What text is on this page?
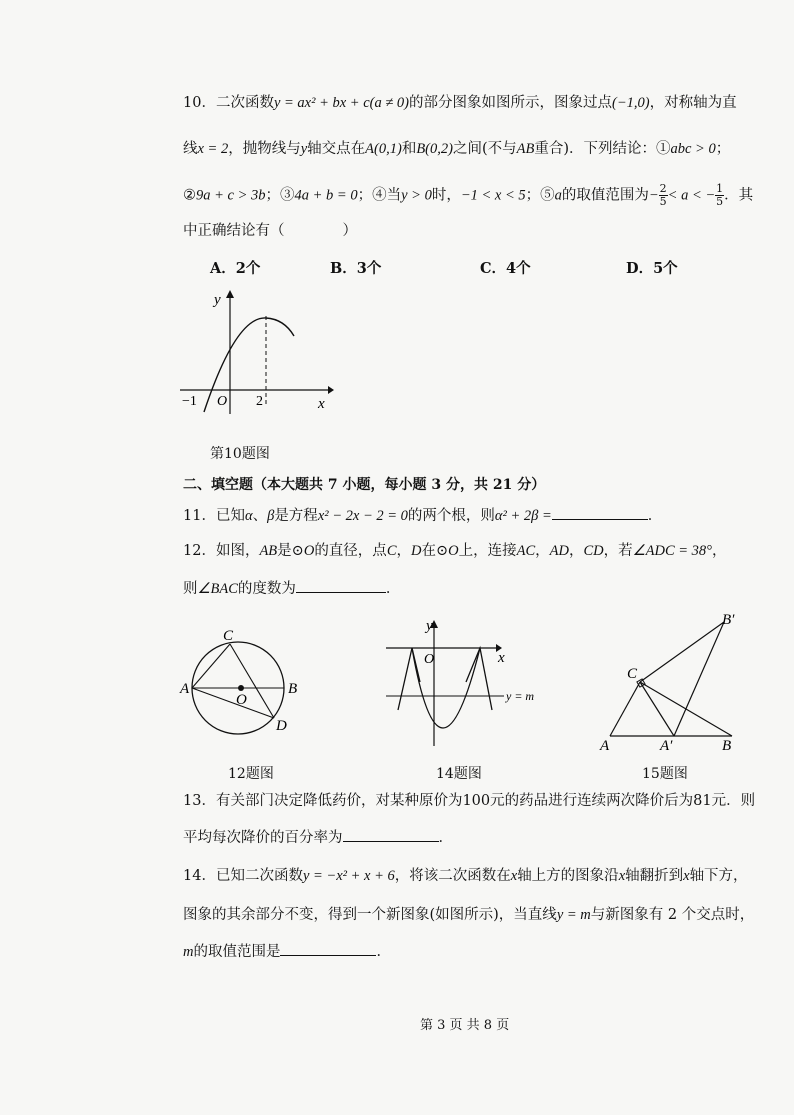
10．二次函数y = ax² + bx + c(a ≠ 0)的部分图象如图所示，图象过点(−1,0)，对称轴为直
线x = 2，抛物线与y轴交点在A(0,1)和B(0,2)之间(不与AB重合)．下列结论：①abc > 0；
②9a + c > 3b；③4a + b = 0；④当y > 0时，−1 < x < 5；⑤a的取值范围为− $\frac{2}{5} < a$ < − $\frac{1}{5}$ ．其
中正确结论有（　　　　）
A．2个	B．3个	C．4个	D．5个
y
x
O
−1	2
第10题图
二、填空题（本大题共 7 小题，每小题 3 分，共 21 分）
11．已知α、β是方程x² − 2x − 2 = 0的两个根，则α² + 2β =	．
12．如图，AB是⊙O的直径，点C，D在⊙O上，连接AC，AD，CD，若∠ADC = 38°，
则∠BAC的度数为	．
A	B
C
D
O
12题图
y
x
O
y = m
14题图
A	B
C
A′
B′
15题图
13．有关部门决定降低药价，对某种原价为100元的药品进行连续两次降价后为81元．则
平均每次降价的百分率为	．
14．已知二次函数y = −x² + x + 6，将该二次函数在x轴上方的图象沿x轴翻折到x轴下方，
图象的其余部分不变，得到一个新图象(如图所示)，当直线y = m与新图象有 2 个交点时，
m的取值范围是	．
第 3 页 共 8 页
